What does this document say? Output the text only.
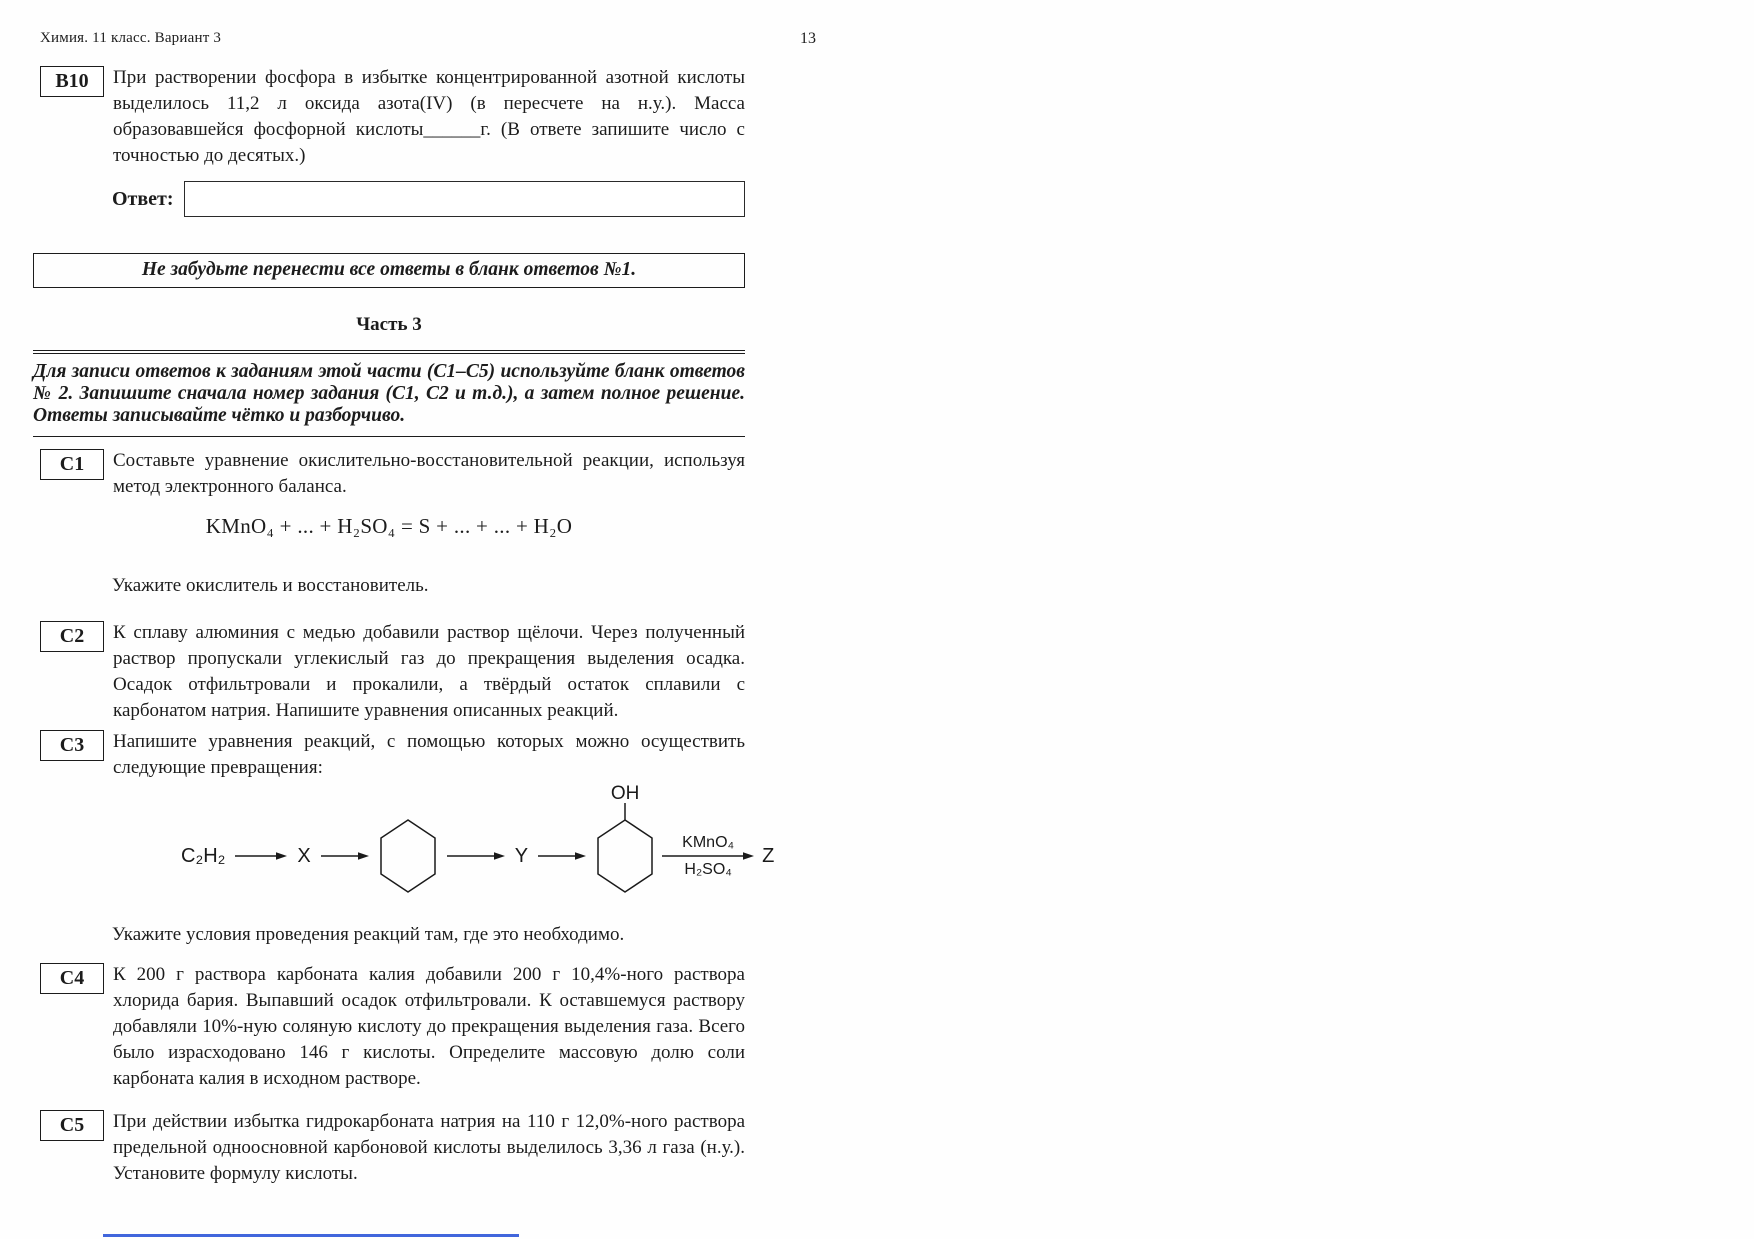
13
Химия. 11 класс. Вариант 3
B10	При растворении фосфора в избытке концентрированной азотной кислоты выделилось 11,2 л оксида азота(IV) (в пересчете на н.у.). Масса образовавшейся фосфорной кислоты______г. (В ответе запишите число с точностью до десятых.)
Ответ:
Не забудьте перенести все ответы в бланк ответов №1.
Часть 3
Для записи ответов к заданиям этой части (С1–С5) используйте бланк ответов № 2. Запишите сначала номер задания (С1, С2 и т.д.), а затем полное решение. Ответы записывайте чётко и разборчиво.
С1	Составьте уравнение окислительно-восстановительной реакции, используя метод электронного баланса.
KMnO₄ + ... + H₂SO₄ = S + ... + ... + H₂O
Укажите окислитель и восстановитель.
С2	К сплаву алюминия с медью добавили раствор щёлочи. Через полученный раствор пропускали углекислый газ до прекращения выделения осадка. Осадок отфильтровали и прокалили, а твёрдый остаток сплавили с карбонатом натрия. Напишите уравнения описанных реакций.
С3	Напишите уравнения реакций, с помощью которых можно осуществить следующие превращения:
C₂H₂	X	Y
OH
KMnO₄
H₂SO₄
Z
Укажите условия проведения реакций там, где это необходимо.
С4	К 200 г раствора карбоната калия добавили 200 г 10,4%-ного раствора хлорида бария. Выпавший осадок отфильтровали. К оставшемуся раствору добавляли 10%-ную соляную кислоту до прекращения выделения газа. Всего было израсходовано 146 г кислоты. Определите массовую долю соли карбоната калия в исходном растворе.
С5	При действии избытка гидрокарбоната натрия на 110 г 12,0%-ного раствора предельной одноосновной карбоновой кислоты выделилось 3,36 л газа (н.у.). Установите формулу кислоты.
